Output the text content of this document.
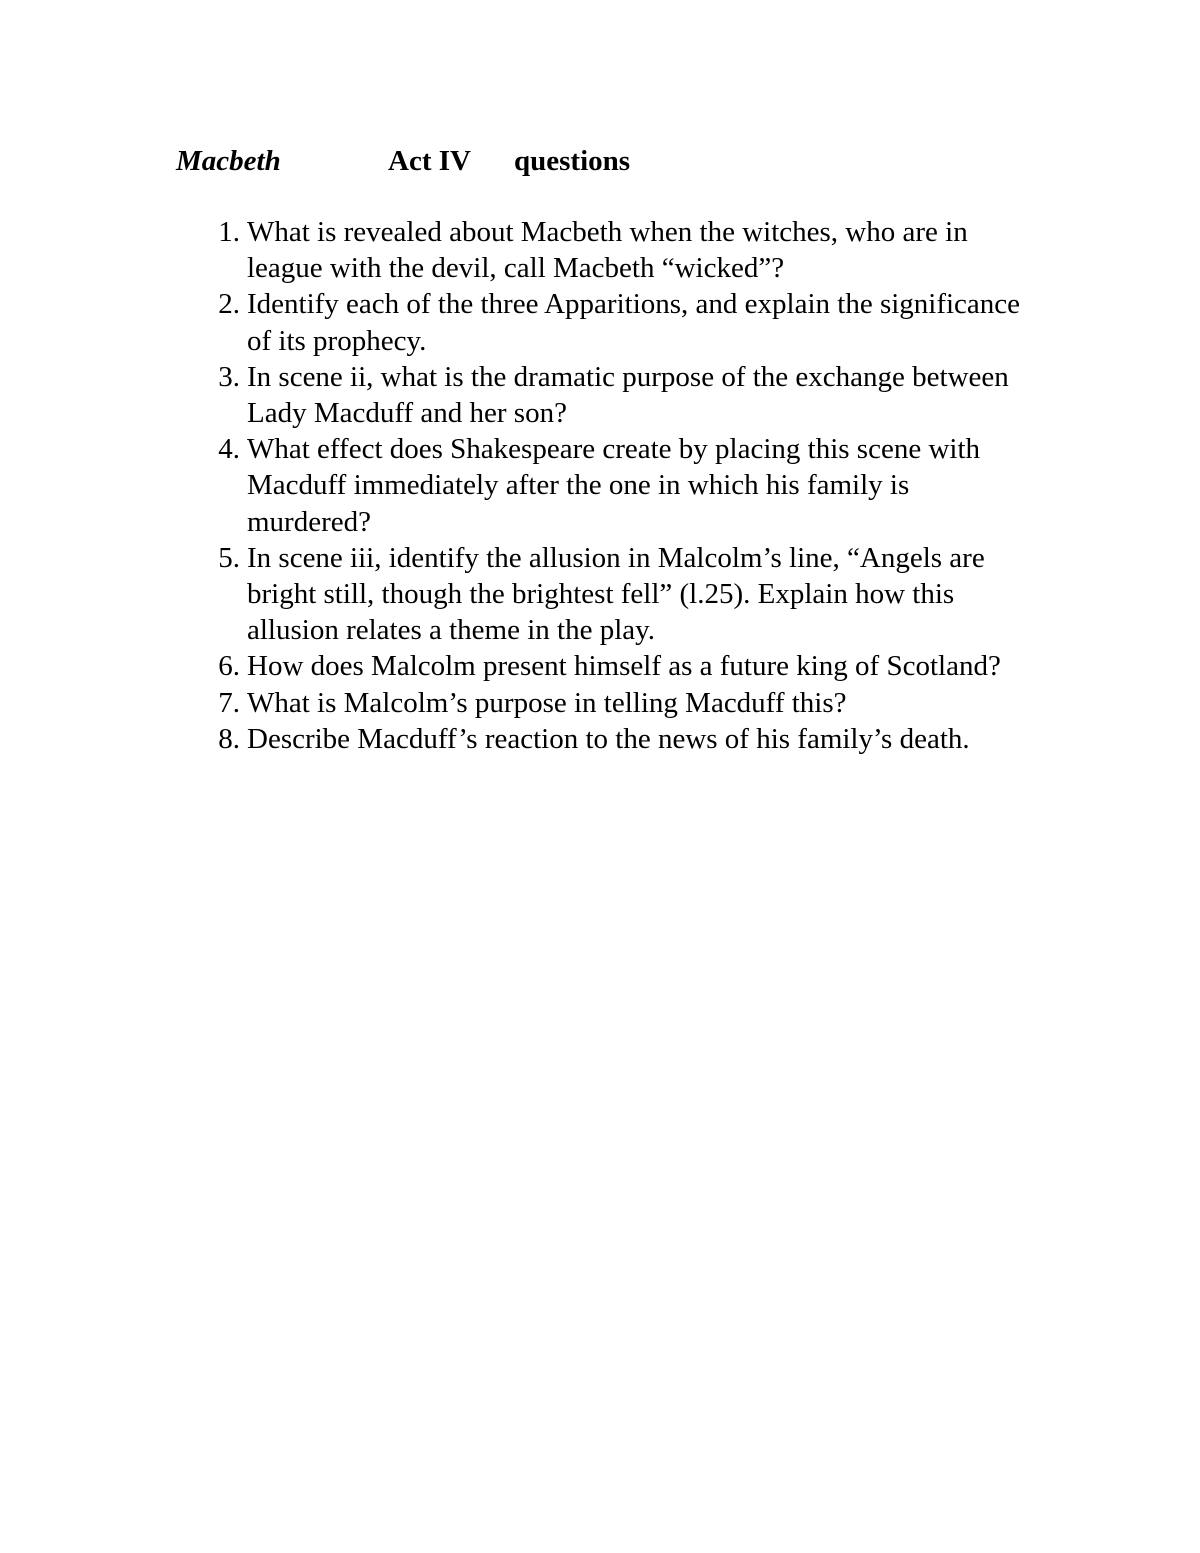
Macbeth	Act IV questions
1. What is revealed about Macbeth when the witches, who are in league with the devil, call Macbeth “wicked”?
2. Identify each of the three Apparitions, and explain the significance of its prophecy.
3. In scene ii, what is the dramatic purpose of the exchange between Lady Macduff and her son?
4. What effect does Shakespeare create by placing this scene with Macduff immediately after the one in which his family is murdered?
5. In scene iii, identify the allusion in Malcolm’s line, “Angels are bright still, though the brightest fell” (l.25). Explain how this allusion relates a theme in the play.
6. How does Malcolm present himself as a future king of Scotland?
7. What is Malcolm’s purpose in telling Macduff this?
8. Describe Macduff’s reaction to the news of his family’s death.
